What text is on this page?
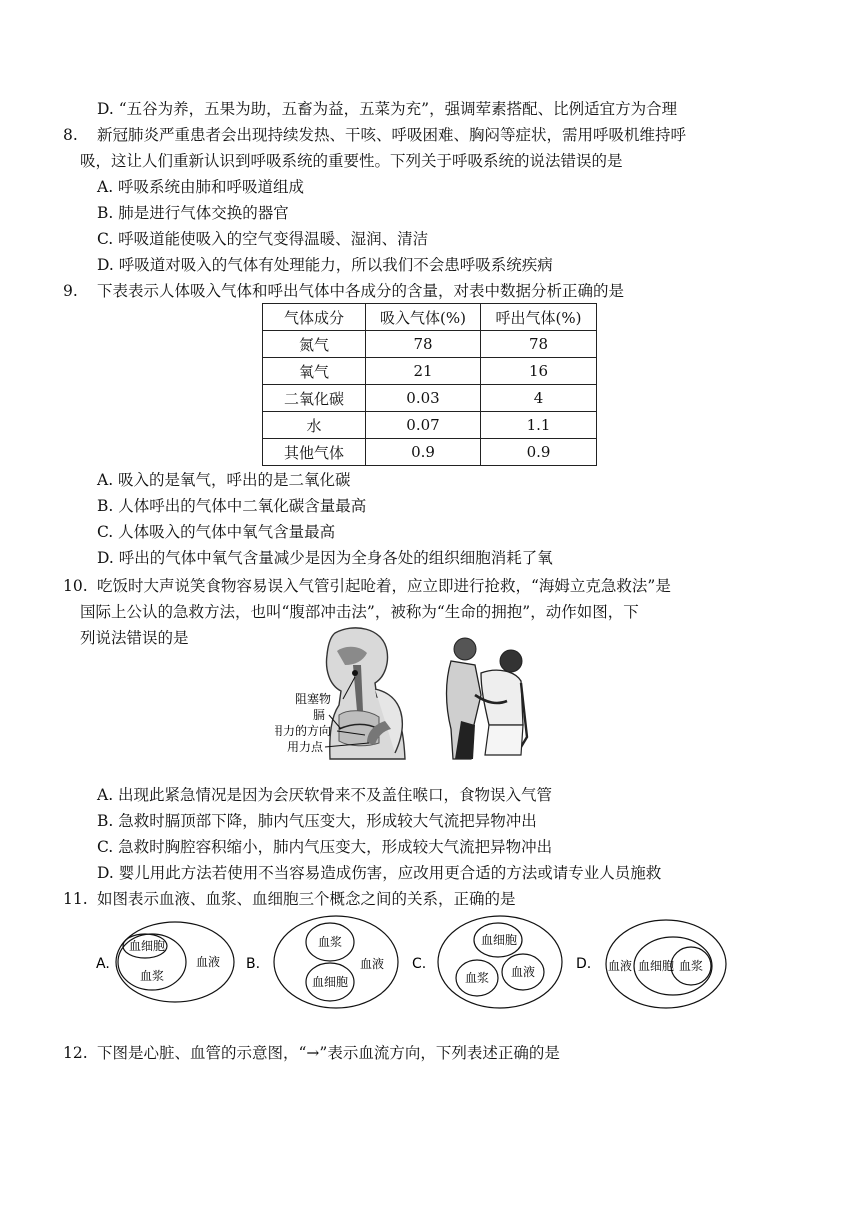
D. “五谷为养，五果为助，五畜为益，五菜为充”，强调荤素搭配、比例适宜方为合理
8. 新冠肺炎严重患者会出现持续发热、干咳、呼吸困难、胸闷等症状，需用呼吸机维持呼
吸，这让人们重新认识到呼吸系统的重要性。下列关于呼吸系统的说法错误的是
A. 呼吸系统由肺和呼吸道组成
B. 肺是进行气体交换的器官
C. 呼吸道能使吸入的空气变得温暖、湿润、清洁
D. 呼吸道对吸入的气体有处理能力，所以我们不会患呼吸系统疾病
9. 下表表示人体吸入气体和呼出气体中各成分的含量，对表中数据分析正确的是
气体成分	吸入气体(%)	呼出气体(%)
氮气	78	78
氧气	21	16
二氧化碳	0.03	4
水	0.07	1.1
其他气体	0.9	0.9
A. 吸入的是氧气，呼出的是二氧化碳
B. 人体呼出的气体中二氧化碳含量最高
C. 人体吸入的气体中氧气含量最高
D. 呼出的气体中氧气含量减少是因为全身各处的组织细胞消耗了氧
10. 吃饭时大声说笑食物容易误入气管引起呛着，应立即进行抢救，“海姆立克急救法”是
国际上公认的急救方法，也叫“腹部冲击法”，被称为“生命的拥抱”，动作如图，下
列说法错误的是
阻塞物
膈
用力的方向
用力点
A. 出现此紧急情况是因为会厌软骨来不及盖住喉口，食物误入气管
B. 急救时膈顶部下降，肺内气压变大，形成较大气流把异物冲出
C. 急救时胸腔容积缩小，肺内气压变大，形成较大气流把异物冲出
D. 婴儿用此方法若使用不当容易造成伤害，应改用更合适的方法或请专业人员施救
11. 如图表示血液、血浆、血细胞三个概念之间的关系，正确的是
A.
血细胞
血浆
血液 B.
血浆
血细胞
血液 C.
血细胞
血浆 血液	D. 血液 血细胞 血浆
12. 下图是心脏、血管的示意图，“→”表示血流方向，下列表述正确的是
